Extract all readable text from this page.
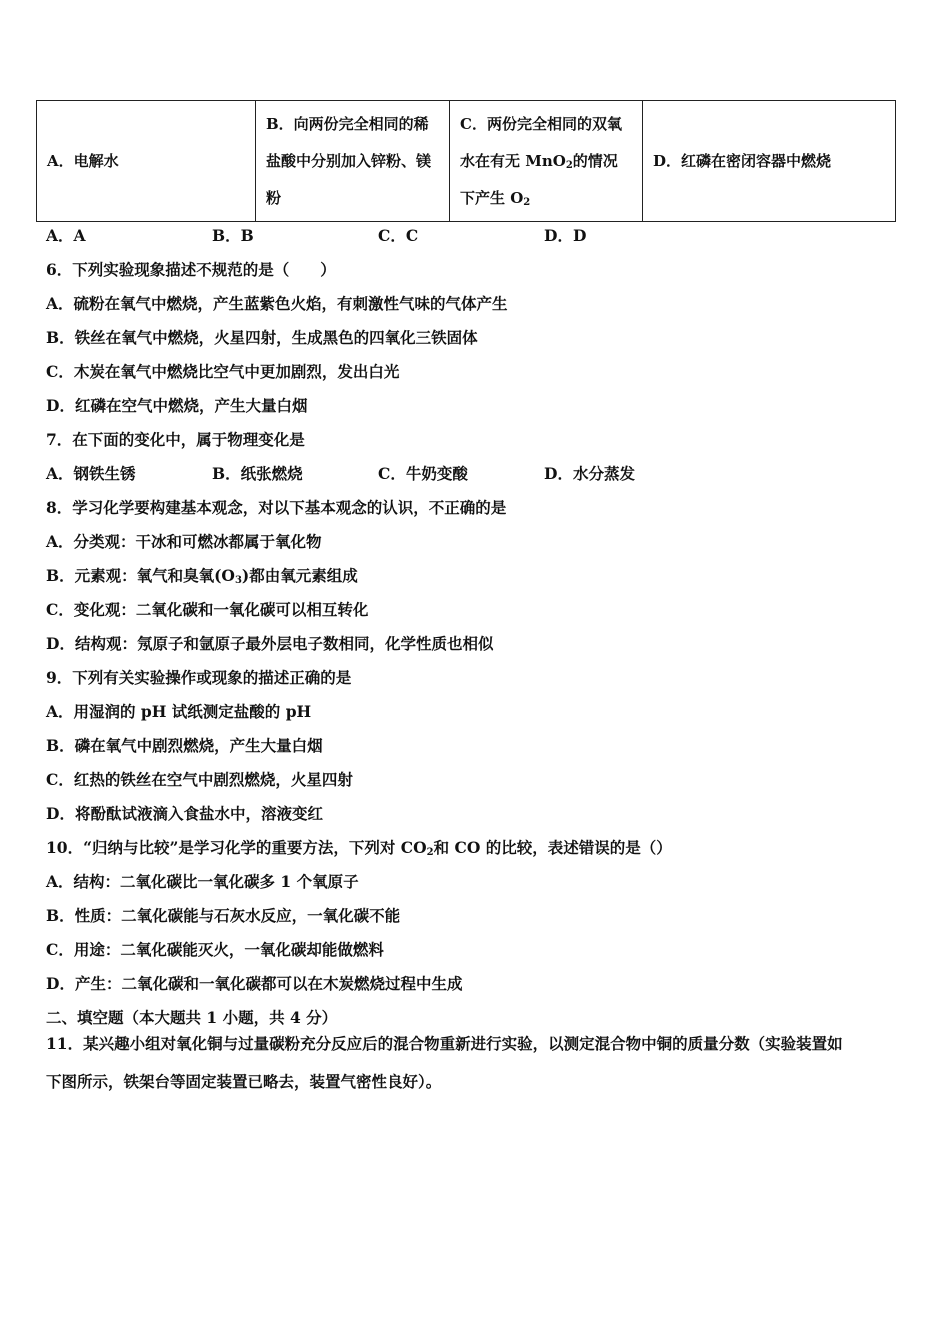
A．电解水	B．向两份完全相同的稀盐酸中分别加入锌粉、镁粉	C．两份完全相同的双氧水在有无 MnO$_2$的情况下产生 $O_2$	D．红磷在密闭容器中燃烧
A．A	B．B	C．C	D．D
6．下列实验现象描述不规范的是（　　）
A．硫粉在氧气中燃烧，产生蓝紫色火焰，有刺激性气味的气体产生
B．铁丝在氧气中燃烧，火星四射，生成黑色的四氧化三铁固体
C．木炭在氧气中燃烧比空气中更加剧烈，发出白光
D．红磷在空气中燃烧，产生大量白烟
7．在下面的变化中，属于物理变化是
A．钢铁生锈	B．纸张燃烧	C．牛奶变酸	D．水分蒸发
8．学习化学要构建基本观念，对以下基本观念的认识，不正确的是
A．分类观：干冰和可燃冰都属于氧化物
B．元素观：氧气和臭氧$(O_3)$都由氧元素组成
C．变化观：二氧化碳和一氧化碳可以相互转化
D．结构观：氖原子和氩原子最外层电子数相同，化学性质也相似
9．下列有关实验操作或现象的描述正确的是
A．用湿润的 pH 试纸测定盐酸的 pH
B．磷在氧气中剧烈燃烧，产生大量白烟
C．红热的铁丝在空气中剧烈燃烧，火星四射
D．将酚酞试液滴入食盐水中，溶液变红
10．“归纳与比较”是学习化学的重要方法，下列对 $CO_2$和 CO 的比较，表述错误的是（）
A．结构：二氧化碳比一氧化碳多 1 个氧原子
B．性质：二氧化碳能与石灰水反应，一氧化碳不能
C．用途：二氧化碳能灭火，一氧化碳却能做燃料
D．产生：二氧化碳和一氧化碳都可以在木炭燃烧过程中生成
二、填空题（本大题共 1 小题，共 4 分）
11．某兴趣小组对氧化铜与过量碳粉充分反应后的混合物重新进行实验，以测定混合物中铜的质量分数（实验装置如
下图所示，铁架台等固定装置已略去，装置气密性良好）。
